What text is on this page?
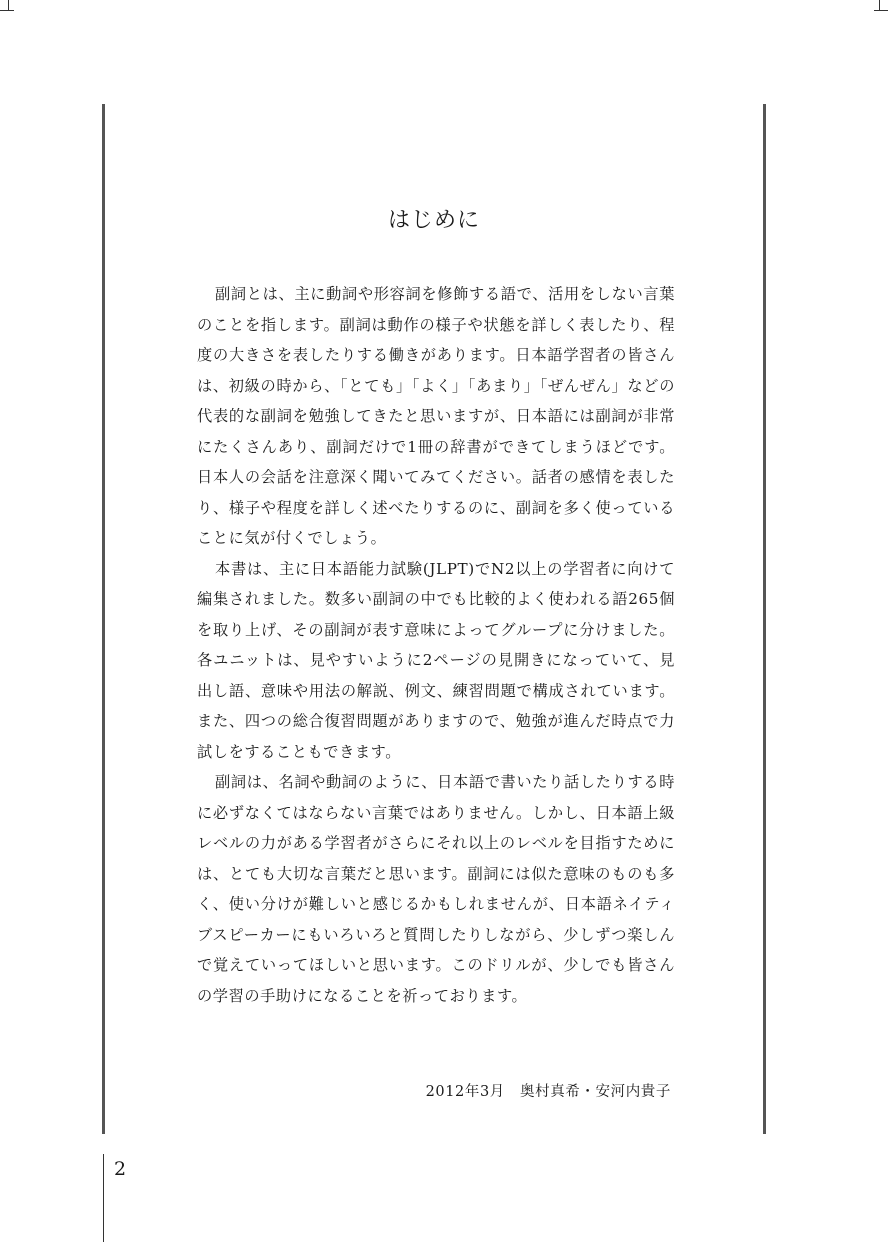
はじめに

副詞とは、主に動詞や形容詞を修飾する語で、活用をしない言葉のことを指します。副詞は動作の様子や状態を詳しく表したり、程度の大きさを表したりする働きがあります。日本語学習者の皆さんは、初級の時から、「とても」「よく」「あまり」「ぜんぜん」などの代表的な副詞を勉強してきたと思いますが、日本語には副詞が非常にたくさんあり、副詞だけで1冊の辞書ができてしまうほどです。日本人の会話を注意深く聞いてみてください。話者の感情を表したり、様子や程度を詳しく述べたりするのに、副詞を多く使っていることに気が付くでしょう。

本書は、主に日本語能力試験(JLPT)でN2以上の学習者に向けて編集されました。数多い副詞の中でも比較的よく使われる語265個を取り上げ、その副詞が表す意味によってグループに分けました。各ユニットは、見やすいように2ページの見開きになっていて、見出し語、意味や用法の解説、例文、練習問題で構成されています。また、四つの総合復習問題がありますので、勉強が進んだ時点で力試しをすることもできます。

副詞は、名詞や動詞のように、日本語で書いたり話したりする時に必ずなくてはならない言葉ではありません。しかし、日本語上級レベルの力がある学習者がさらにそれ以上のレベルを目指すためには、とても大切な言葉だと思います。副詞には似た意味のものも多く、使い分けが難しいと感じるかもしれませんが、日本語ネイティブスピーカーにもいろいろと質問したりしながら、少しずつ楽しんで覚えていってほしいと思います。このドリルが、少しでも皆さんの学習の手助けになることを祈っております。

2012年3月　奥村真希・安河内貴子

2
